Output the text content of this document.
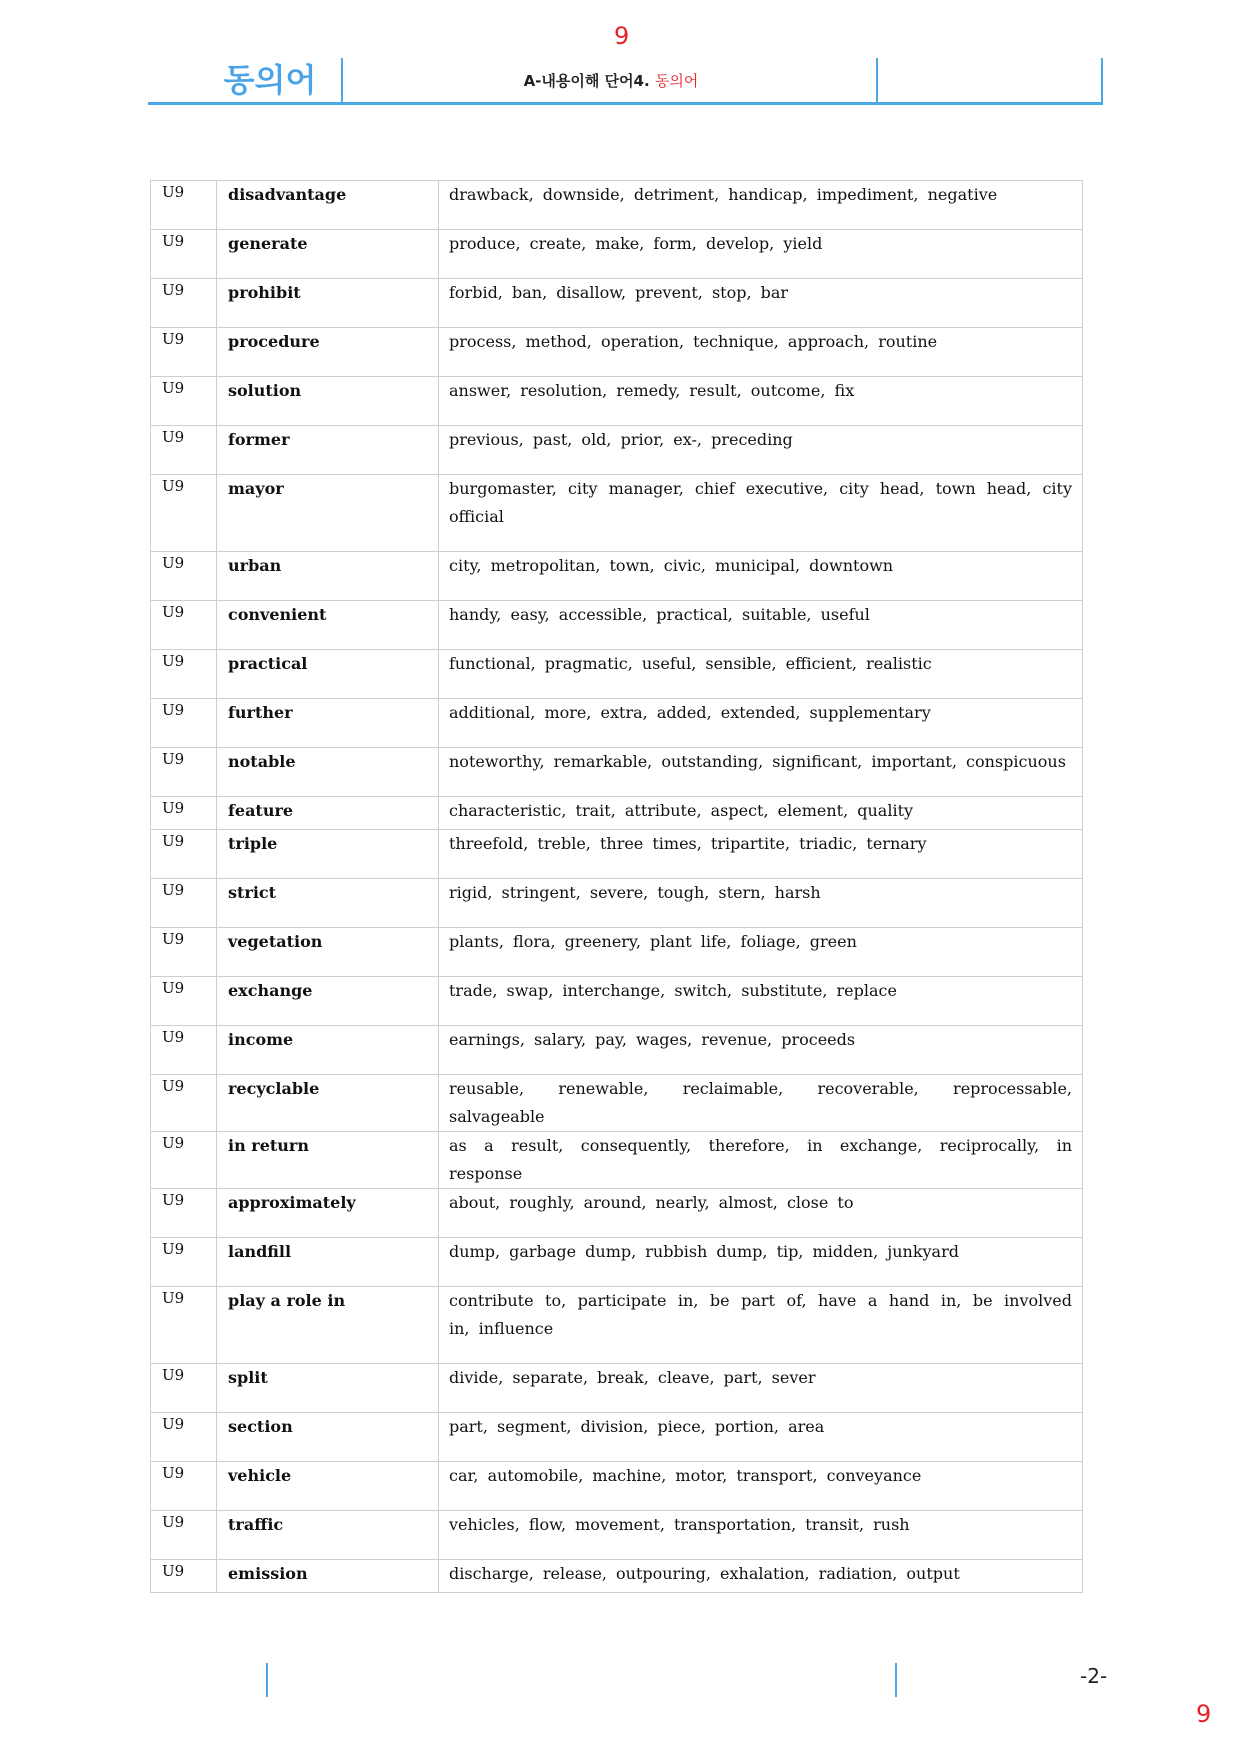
9
동의어	A-내용이해 단어4. 동의어
U9	disadvantage	drawback, downside, detriment, handicap, impediment, negative
U9	generate	produce, create, make, form, develop, yield
U9	prohibit	forbid, ban, disallow, prevent, stop, bar
U9	procedure	process, method, operation, technique, approach, routine
U9	solution	answer, resolution, remedy, result, outcome, fix
U9	former	previous, past, old, prior, ex-, preceding
U9	mayor	burgomaster, city manager, chief executive, city head, town head, city official
U9	urban	city, metropolitan, town, civic, municipal, downtown
U9	convenient	handy, easy, accessible, practical, suitable, useful
U9	practical	functional, pragmatic, useful, sensible, efficient, realistic
U9	further	additional, more, extra, added, extended, supplementary
U9	notable	noteworthy, remarkable, outstanding, significant, important, conspicuous
U9	feature	characteristic, trait, attribute, aspect, element, quality
U9	triple	threefold, treble, three times, tripartite, triadic, ternary
U9	strict	rigid, stringent, severe, tough, stern, harsh
U9	vegetation	plants, flora, greenery, plant life, foliage, green
U9	exchange	trade, swap, interchange, switch, substitute, replace
U9	income	earnings, salary, pay, wages, revenue, proceeds
U9	recyclable	reusable, renewable, reclaimable, recoverable, reprocessable, salvageable
U9	in return	as a result, consequently, therefore, in exchange, reciprocally, in response
U9	approximately	about, roughly, around, nearly, almost, close to
U9	landfill	dump, garbage dump, rubbish dump, tip, midden, junkyard
U9	play a role in	contribute to, participate in, be part of, have a hand in, be involved in, influence
U9	split	divide, separate, break, cleave, part, sever
U9	section	part, segment, division, piece, portion, area
U9	vehicle	car, automobile, machine, motor, transport, conveyance
U9	traffic	vehicles, flow, movement, transportation, transit, rush
U9	emission	discharge, release, outpouring, exhalation, radiation, output
-2-
9
